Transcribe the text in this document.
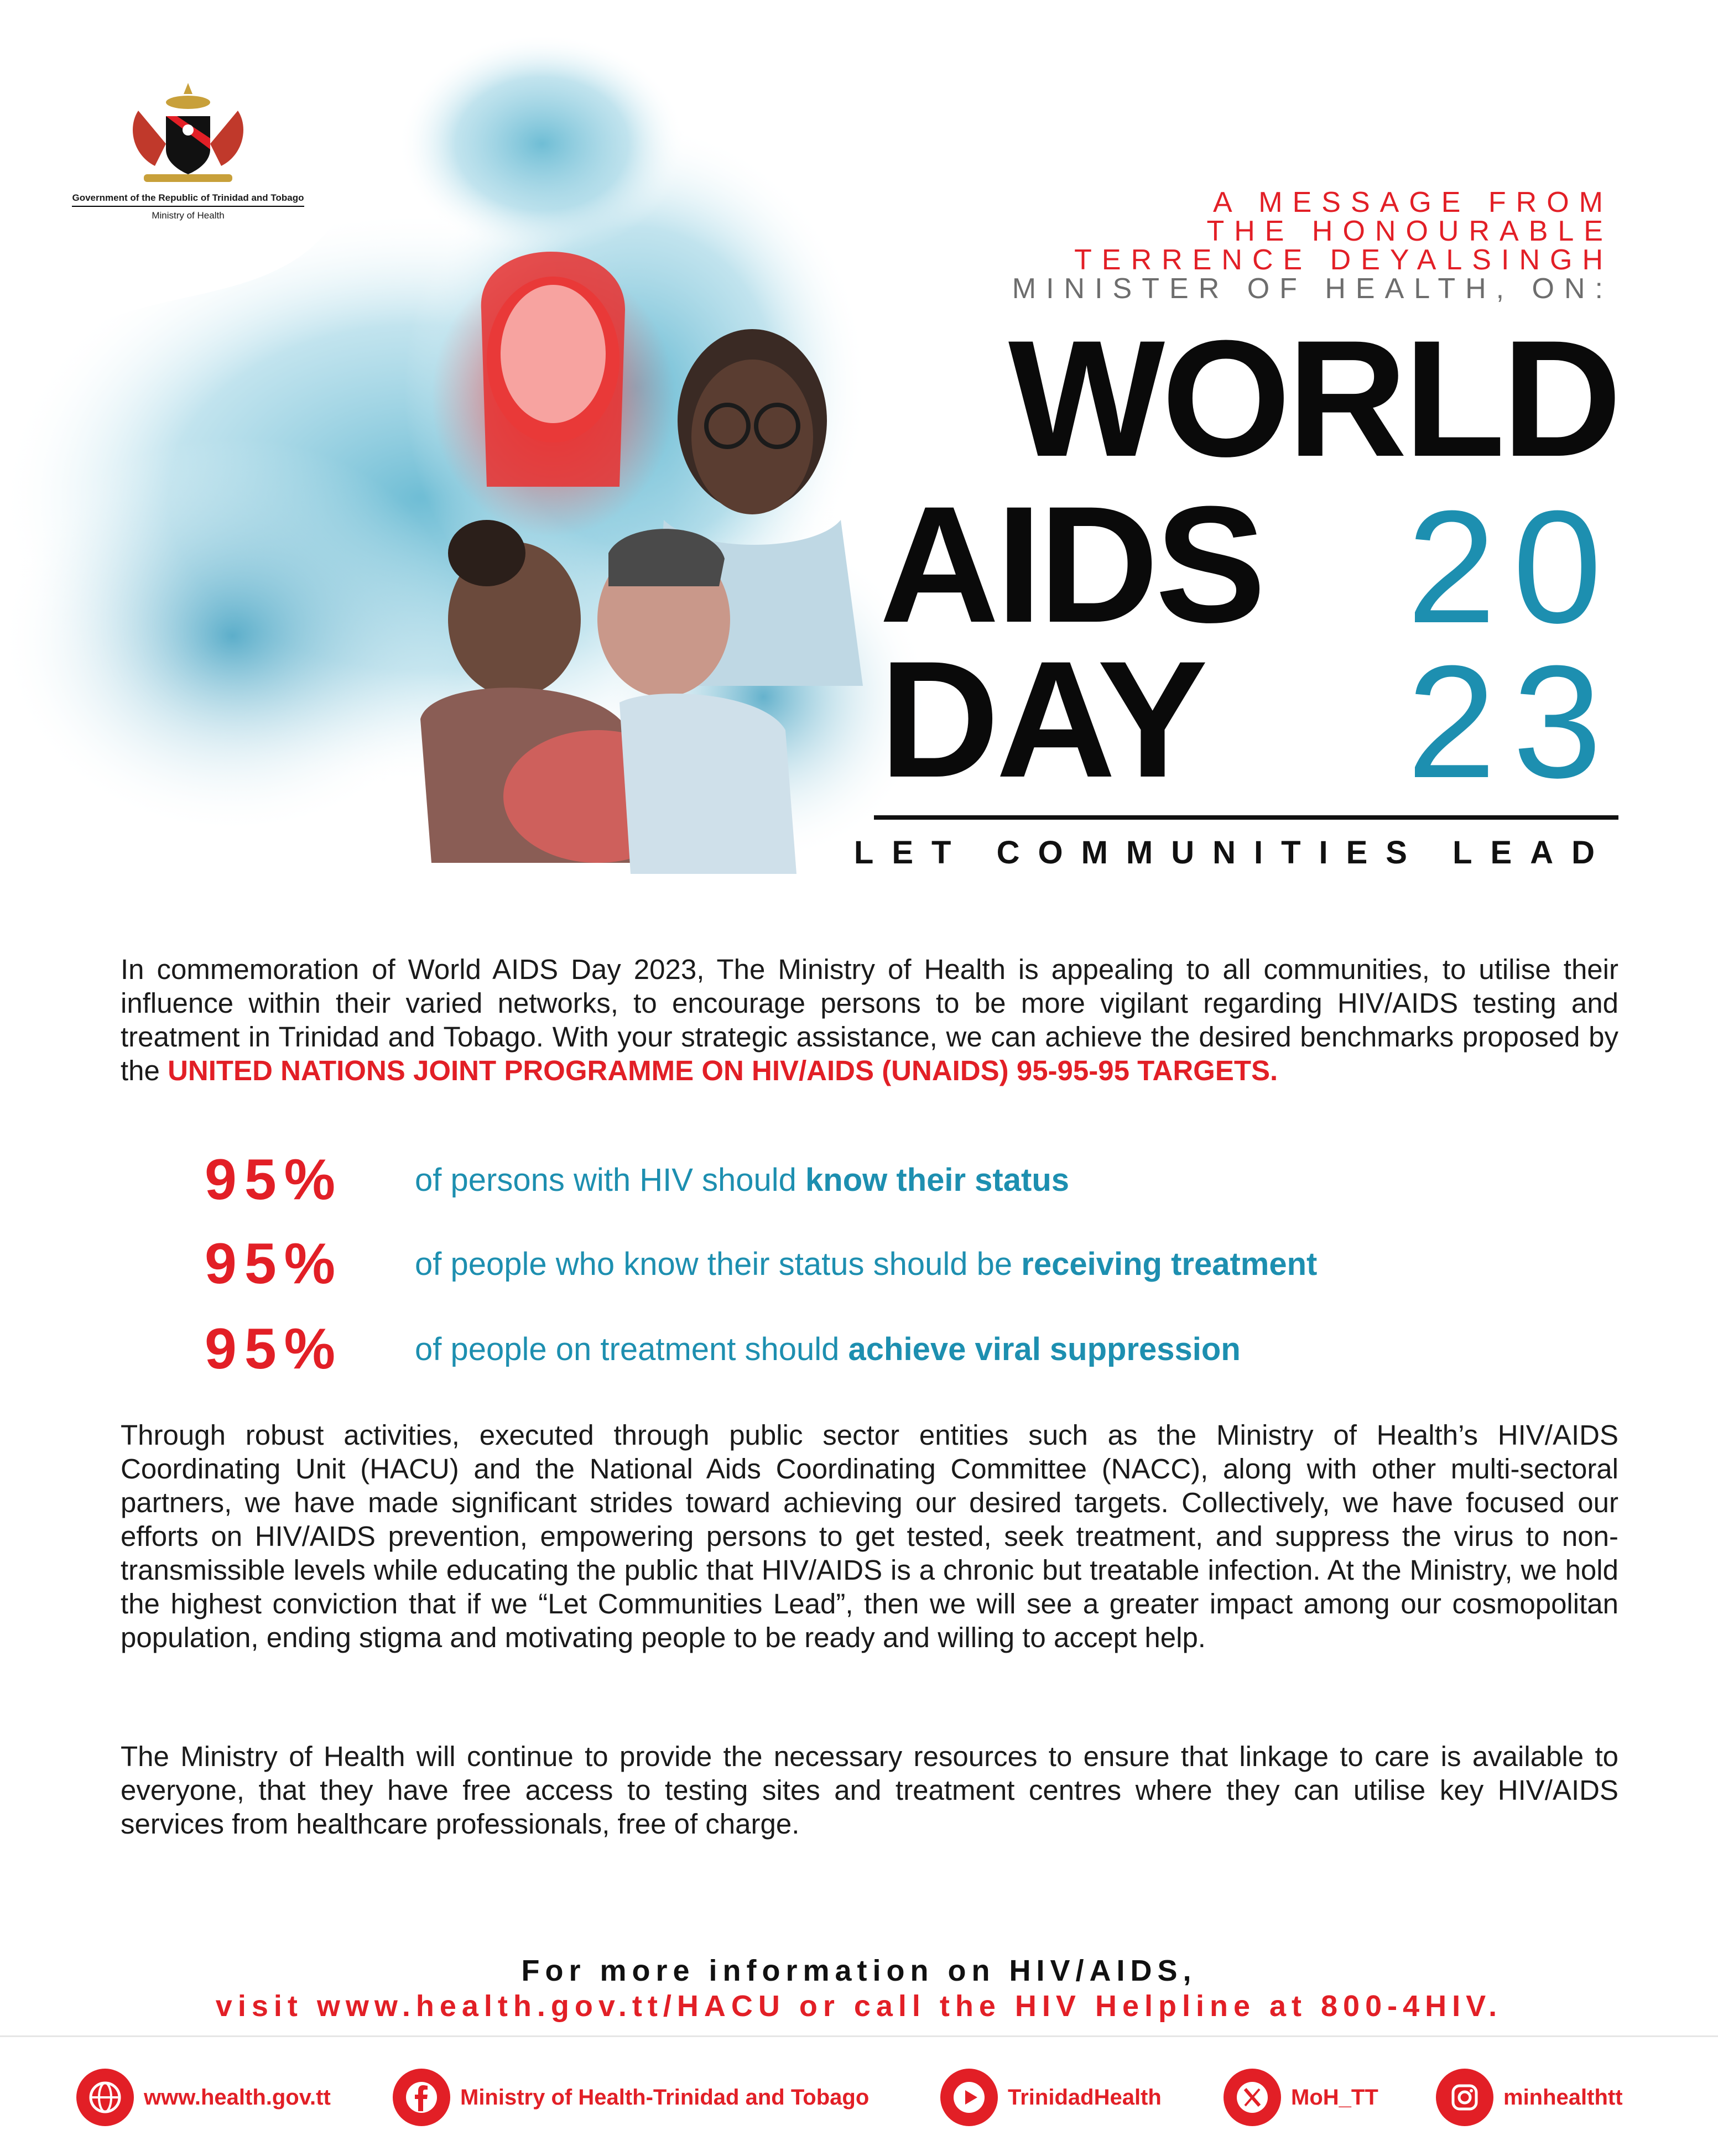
Government of the Republic of Trinidad and Tobago
Ministry of Health	A MESSAGE FROM
THE HONOURABLE
TERRENCE DEYALSINGH
MINISTER OF HEALTH, ON:
WORLD
AIDS
DAY
20
23
LET COMMUNITIES LEAD
In commemoration of World AIDS Day 2023, The Ministry of Health is appealing to all communities, to utilise their influence within their varied networks, to encourage persons to be more vigilant regarding HIV/AIDS testing and treatment in Trinidad and Tobago. With your strategic assistance, we can achieve the desired benchmarks proposed by the UNITED NATIONS JOINT PROGRAMME ON HIV/AIDS (UNAIDS) 95-95-95 TARGETS.
95%	of persons with HIV should know their status
95%	of people who know their status should be receiving treatment
95%	of people on treatment should achieve viral suppression
Through robust activities, executed through public sector entities such as the Ministry of Health’s HIV/AIDS Coordinating Unit (HACU) and the National Aids Coordinating Committee (NACC), along with other multi-sectoral partners, we have made significant strides toward achieving our desired targets. Collectively, we have focused our efforts on HIV/AIDS prevention, empowering persons to get tested, seek treatment, and suppress the virus to non-transmissible levels while educating the public that HIV/AIDS is a chronic but treatable infection. At the Ministry, we hold the highest conviction that if we “Let Communities Lead”, then we will see a greater impact among our cosmopolitan population, ending stigma and motivating people to be ready and willing to accept help.
The Ministry of Health will continue to provide the necessary resources to ensure that linkage to care is available to everyone, that they have free access to testing sites and treatment centres where they can utilise key HIV/AIDS services from healthcare professionals, free of charge.
For more information on HIV/AIDS,
visit www.health.gov.tt/HACU or call the HIV Helpline at 800-4HIV.
www.health.gov.tt	Ministry of Health-Trinidad and Tobago	TrinidadHealth	MoH_TT	minhealthtt
